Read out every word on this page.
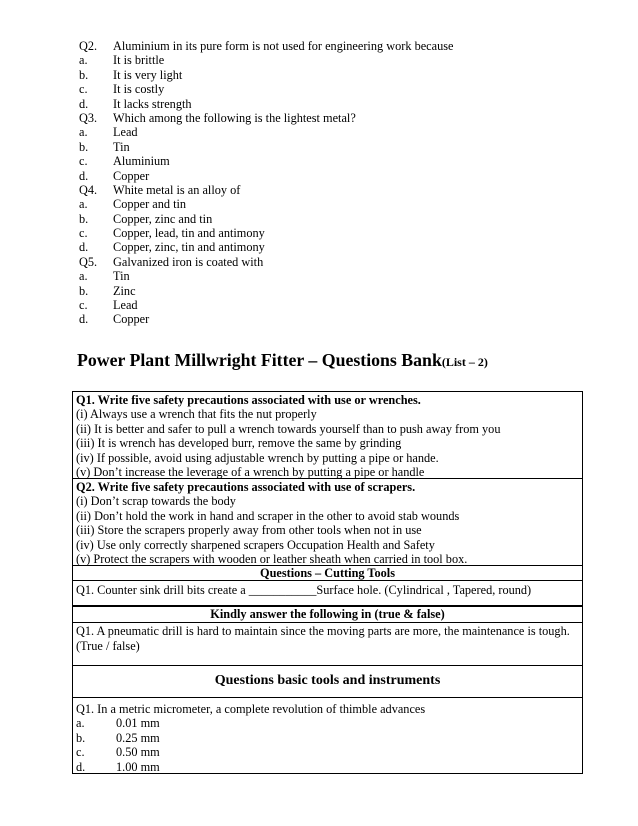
Q2.	Aluminium in its pure form is not used for engineering work because
a.	It is brittle
b.	It is very light
c.	It is costly
d.	It lacks strength
Q3.	Which among the following is the lightest metal?
a.	Lead
b.	Tin
c.	Aluminium
d.	Copper
Q4.	White metal is an alloy of
a.	Copper and tin
b.	Copper, zinc and tin
c.	Copper, lead, tin and antimony
d.	Copper, zinc, tin and antimony
Q5.	Galvanized iron is coated with
a.	Tin
b.	Zinc
c.	Lead
d.	Copper
Power Plant Millwright Fitter – Questions Bank(List – 2)
Q1. Write five safety precautions associated with use or wrenches.
(i) Always use a wrench that fits the nut properly
(ii) It is better and safer to pull a wrench towards yourself than to push away from you
(iii) It is wrench has developed burr, remove the same by grinding
(iv) If possible, avoid using adjustable wrench by putting a pipe or hande.
(v) Don’t increase the leverage of a wrench by putting a pipe or handle
Q2. Write five safety precautions associated with use of scrapers.
(i) Don’t scrap towards the body
(ii) Don’t hold the work in hand and scraper in the other to avoid stab wounds
(iii) Store the scrapers properly away from other tools when not in use
(iv) Use only correctly sharpened scrapers Occupation Health and Safety
(v) Protect the scrapers with wooden or leather sheath when carried in tool box.
Questions – Cutting Tools
Q1. Counter sink drill bits create a ___________Surface hole. (Cylindrical , Tapered, round)
Kindly answer the following in (true & false)
Q1. A pneumatic drill is hard to maintain since the moving parts are more, the maintenance is tough.(True / false)
Questions basic tools and instruments
Q1. In a metric micrometer, a complete revolution of thimble advances
a.	0.01 mm
b.	0.25 mm
c.	0.50 mm
d.	1.00 mm
